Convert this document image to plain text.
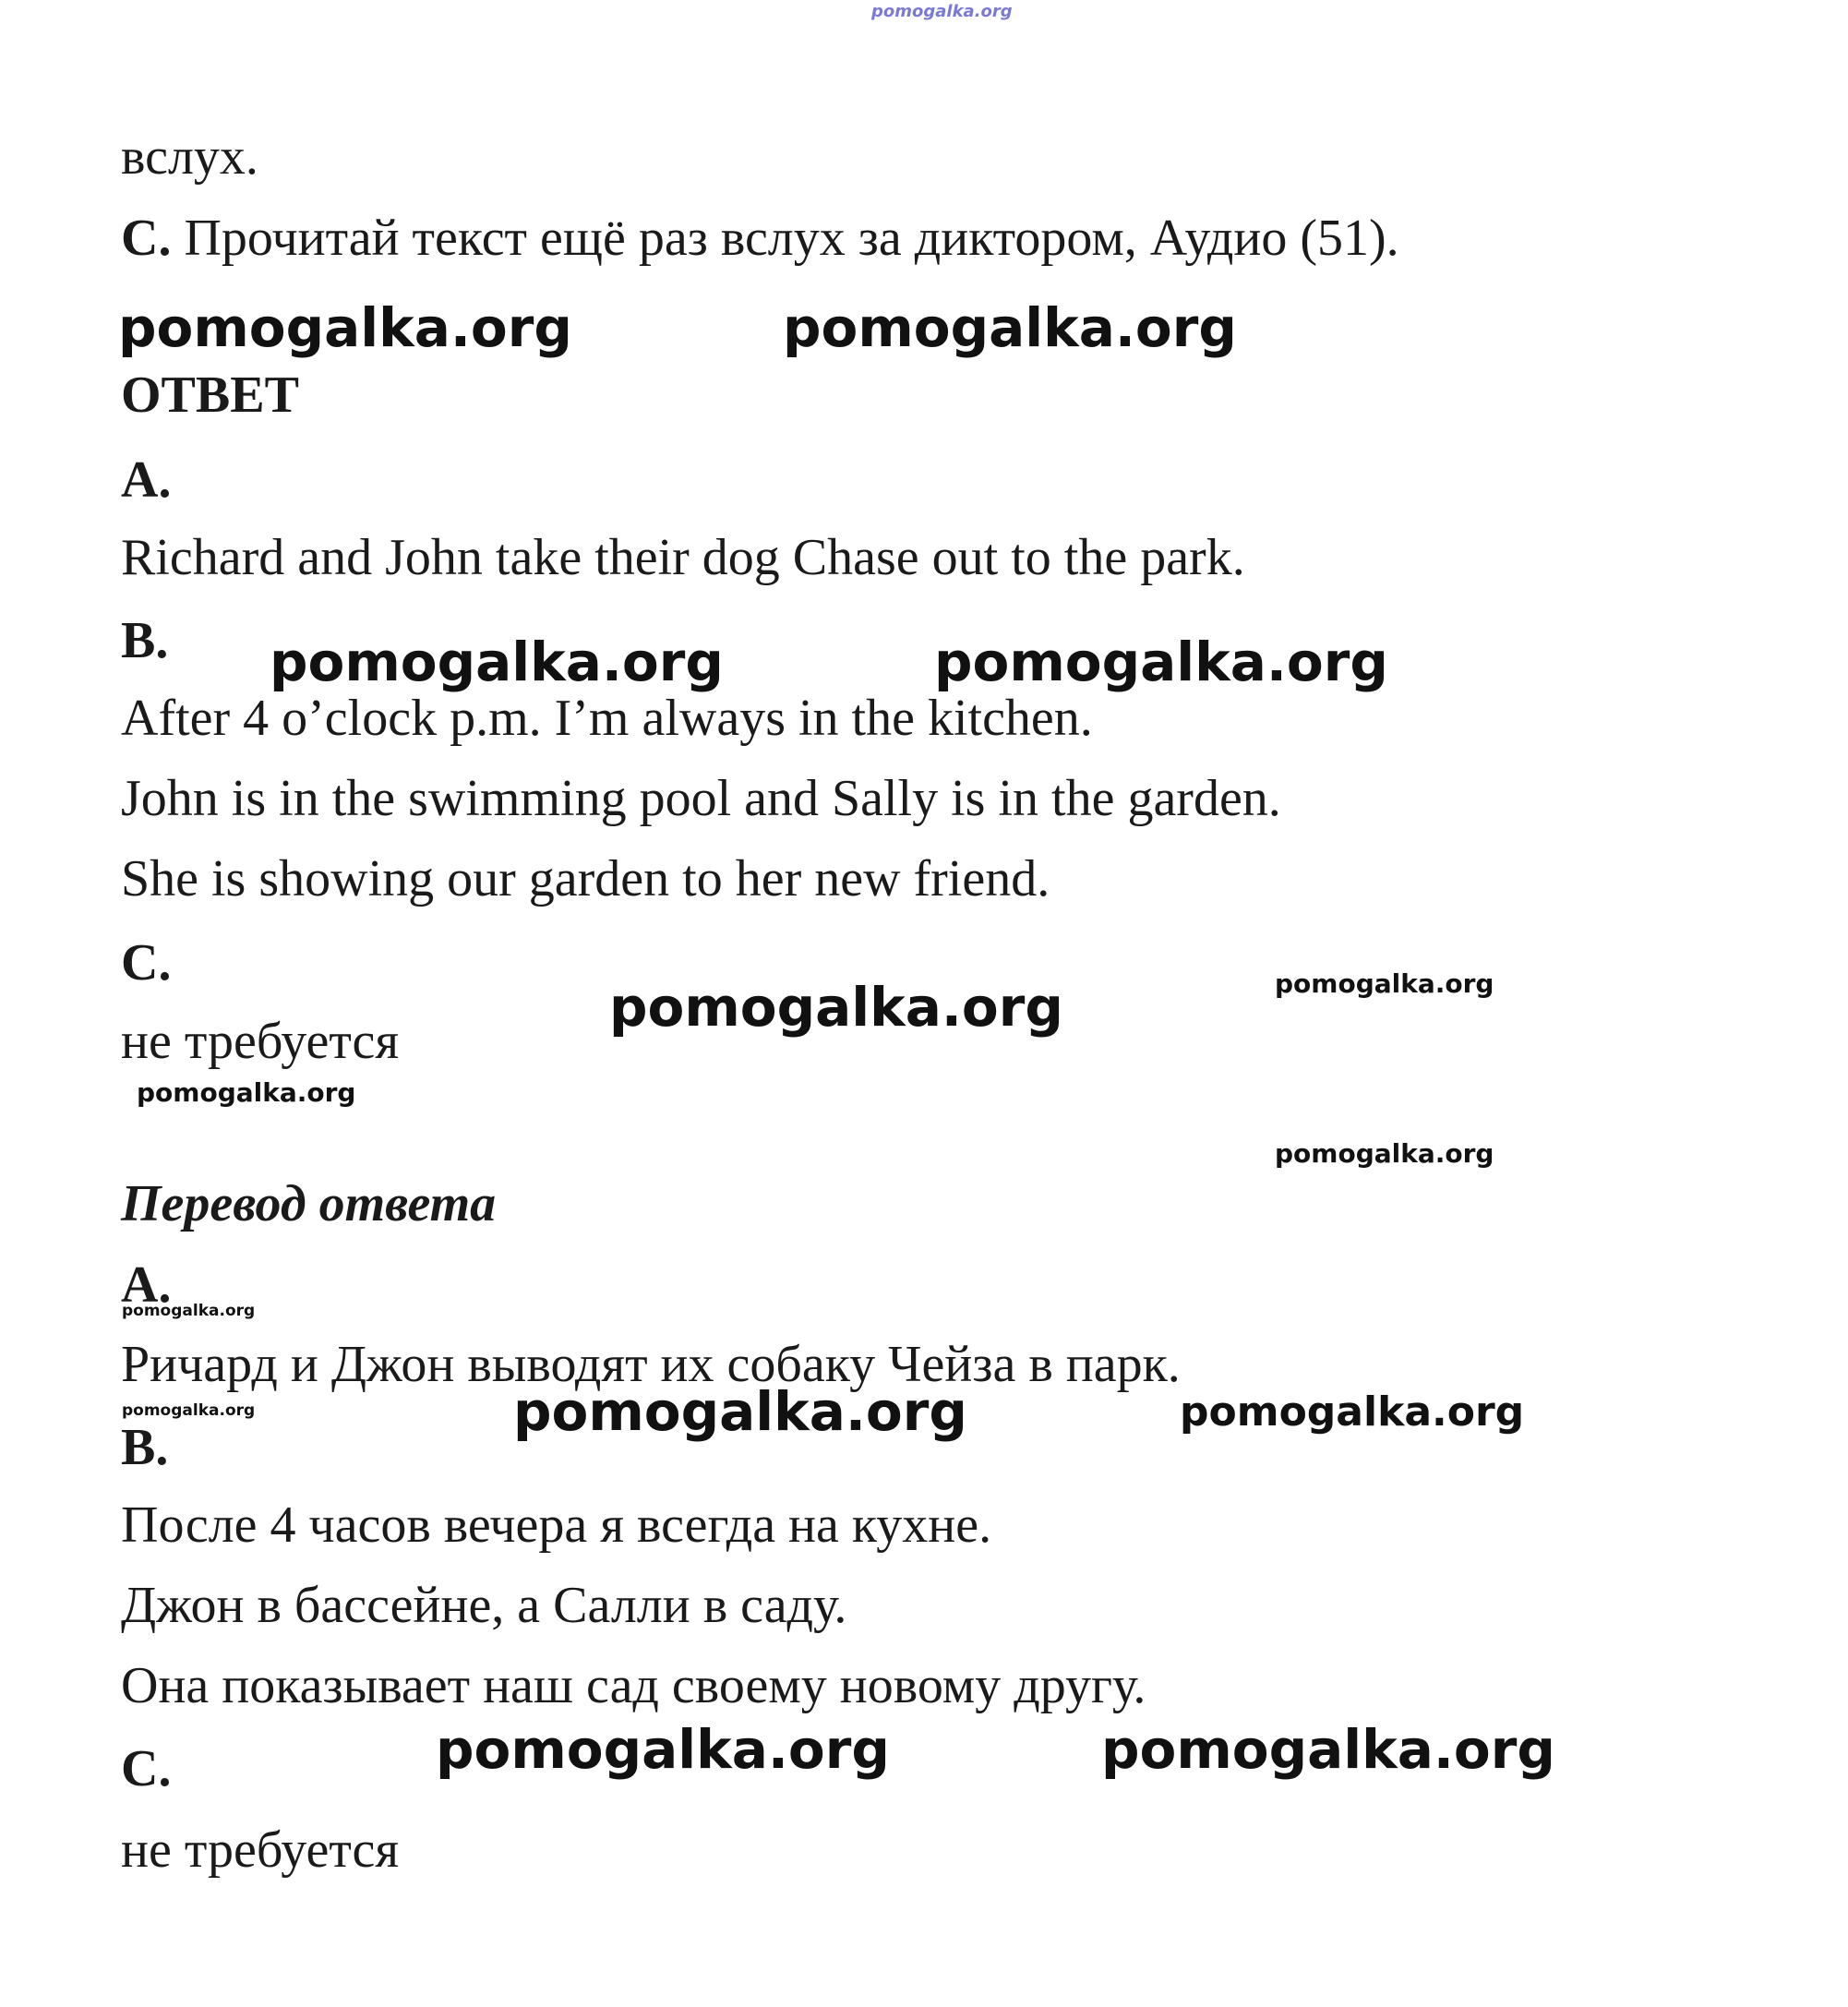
pomogalka.org
вслух.
С. Прочитай текст ещё раз вслух за диктором, Аудио (51).
pomogalka.org	pomogalka.org
ОТВЕТ
A.
Richard and John take their dog Chase out to the park.
B. pomogalka.org	pomogalka.org
After 4 o’clock p.m. I’m always in the kitchen.
John is in the swimming pool and Sally is in the garden.
She is showing our garden to her new friend.
C.	pomogalka.org
pomogalka.org
не требуется
pomogalka.org
pomogalka.org
Перевод ответа
A.
pomogalka.org
Ричард и Джон выводят их собаку Чейза в парк.
pomogalka.org	pomogalka.org	pomogalka.org
B.
После 4 часов вечера я всегда на кухне.
Джон в бассейне, а Салли в саду.
Она показывает наш сад своему новому другу.
pomogalka.org	pomogalka.org
C.
не требуется
